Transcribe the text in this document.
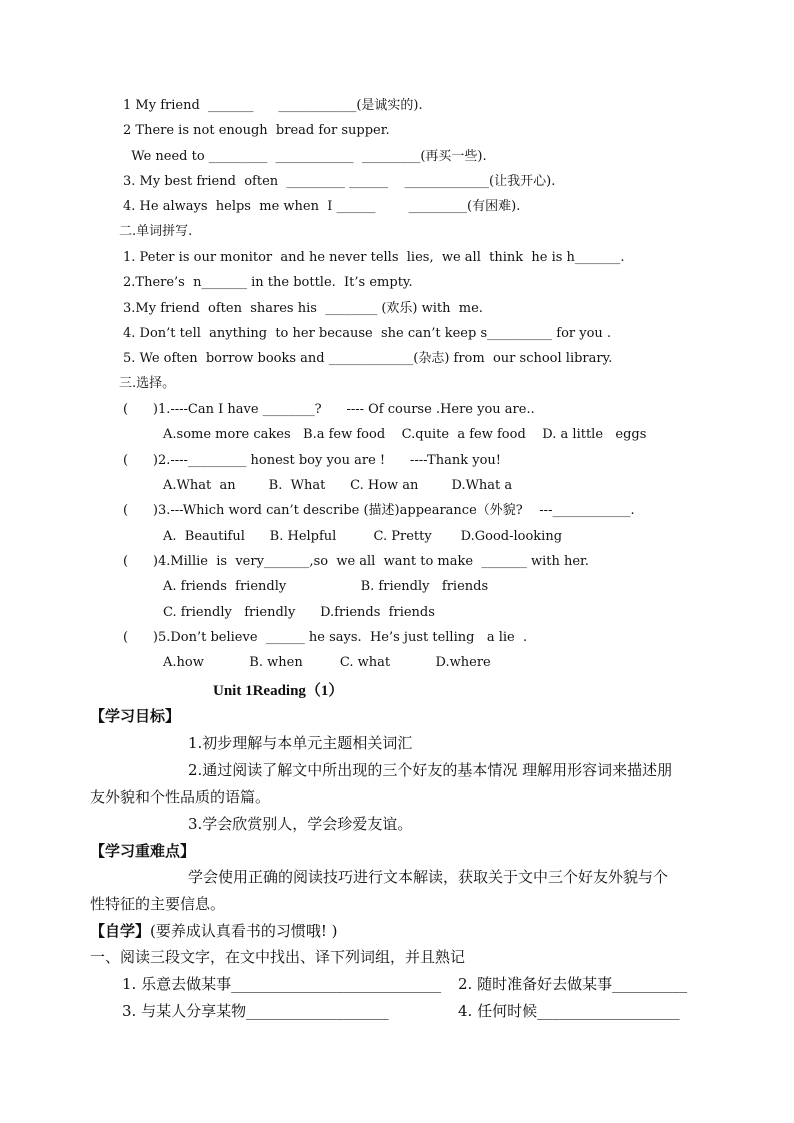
1 My friend  _______      ____________(是诚实的).
2 There is not enough  bread for supper.
We need to _________  ____________  _________(再买一些).
3. My best friend  often  _________ ______    _____________(让我开心).
4. He always  helps  me when  I ______        _________(有困难).
二.单词拼写.
1. Peter is our monitor  and he never tells  lies,  we all  think  he is h_______.
2.There’s  n_______ in the bottle.  It’s empty.
3.My friend  often  shares his  ________ (欢乐) with  me.
4. Don’t tell  anything  to her because  she can’t keep s__________ for you .
5. We often  borrow books and _____________(杂志) from  our school library.
三.选择。
(      )1.----Can I have ________?      ---- Of course .Here you are..
A.some more cakes   B.a few food    C.quite  a few food    D. a little   eggs
(      )2.----_________ honest boy you are !      ----Thank you!
A.What  an        B.  What      C. How an        D.What a
(      )3.---Which word can’t describe (描述)appearance（外貌?    ---____________.
A.  Beautiful      B. Helpful         C. Pretty       D.Good-looking
(      )4.Millie  is  very_______,so  we all  want to make  _______ with her.
A. friends  friendly                  B. friendly   friends
C. friendly   friendly      D.friends  friends
(      )5.Don’t believe  ______ he says.  He’s just telling   a lie  .
A.how           B. when         C. what           D.where
Unit 1Reading（1）
【学习目标】
1.初步理解与本单元主题相关词汇
2.通过阅读了解文中所出现的三个好友的基本情况 理解用形容词来描述朋
友外貌和个性品质的语篇。
3.学会欣赏别人，学会珍爱友谊。
【学习重难点】
学会使用正确的阅读技巧进行文本解读，获取关于文中三个好友外貌与个
性特征的主要信息。
【自学】(要养成认真看书的习惯哦! )
一、阅读三段文字，在文中找出、译下列词组，并且熟记
1. 乐意去做某事____________________________ 2. 随时准备好去做某事__________
3. 与某人分享某物___________________	4. 任何时候___________________
